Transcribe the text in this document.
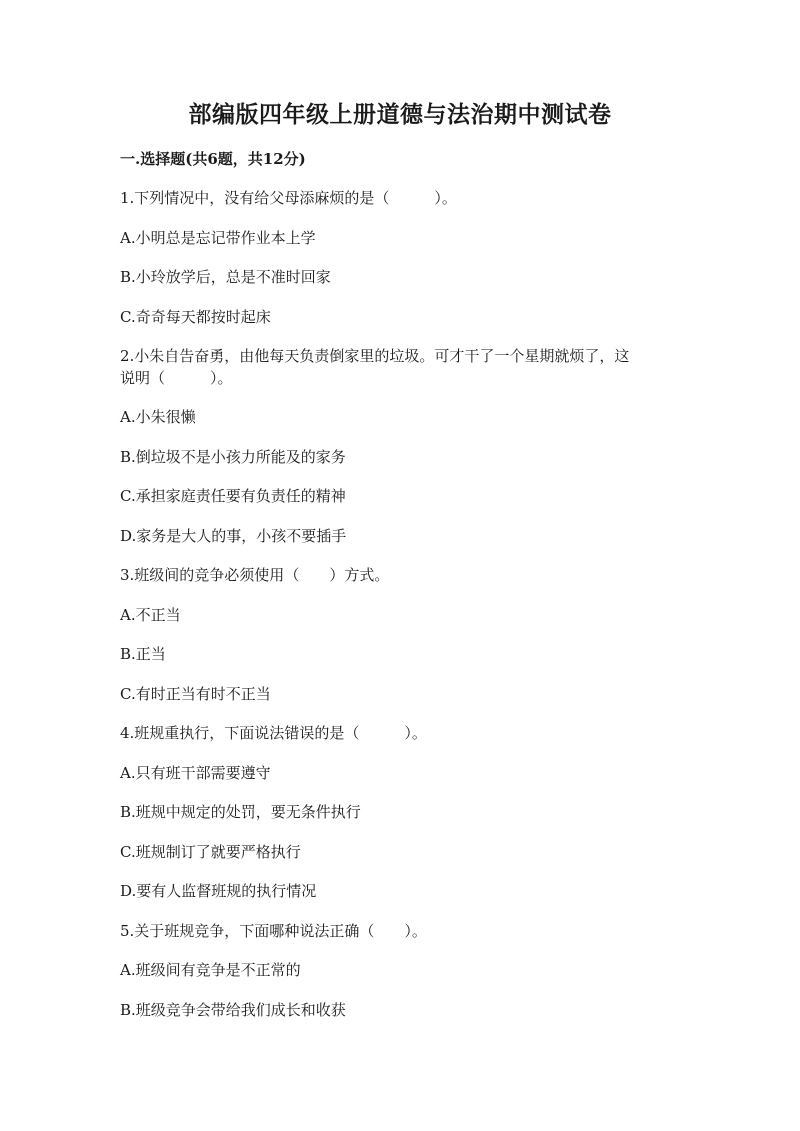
部编版四年级上册道德与法治期中测试卷
一.选择题(共6题，共12分)
1.下列情况中，没有给父母添麻烦的是（　　　）。
A.小明总是忘记带作业本上学
B.小玲放学后，总是不准时回家
C.奇奇每天都按时起床
2.小朱自告奋勇，由他每天负责倒家里的垃圾。可才干了一个星期就烦了，这
说明（　　　）。
A.小朱很懒
B.倒垃圾不是小孩力所能及的家务
C.承担家庭责任要有负责任的精神
D.家务是大人的事，小孩不要插手
3.班级间的竞争必须使用（　　）方式。
A.不正当
B.正当
C.有时正当有时不正当
4.班规重执行，下面说法错误的是（　　　）。
A.只有班干部需要遵守
B.班规中规定的处罚，要无条件执行
C.班规制订了就要严格执行
D.要有人监督班规的执行情况
5.关于班规竞争，下面哪种说法正确（　　）。
A.班级间有竞争是不正常的
B.班级竞争会带给我们成长和收获
